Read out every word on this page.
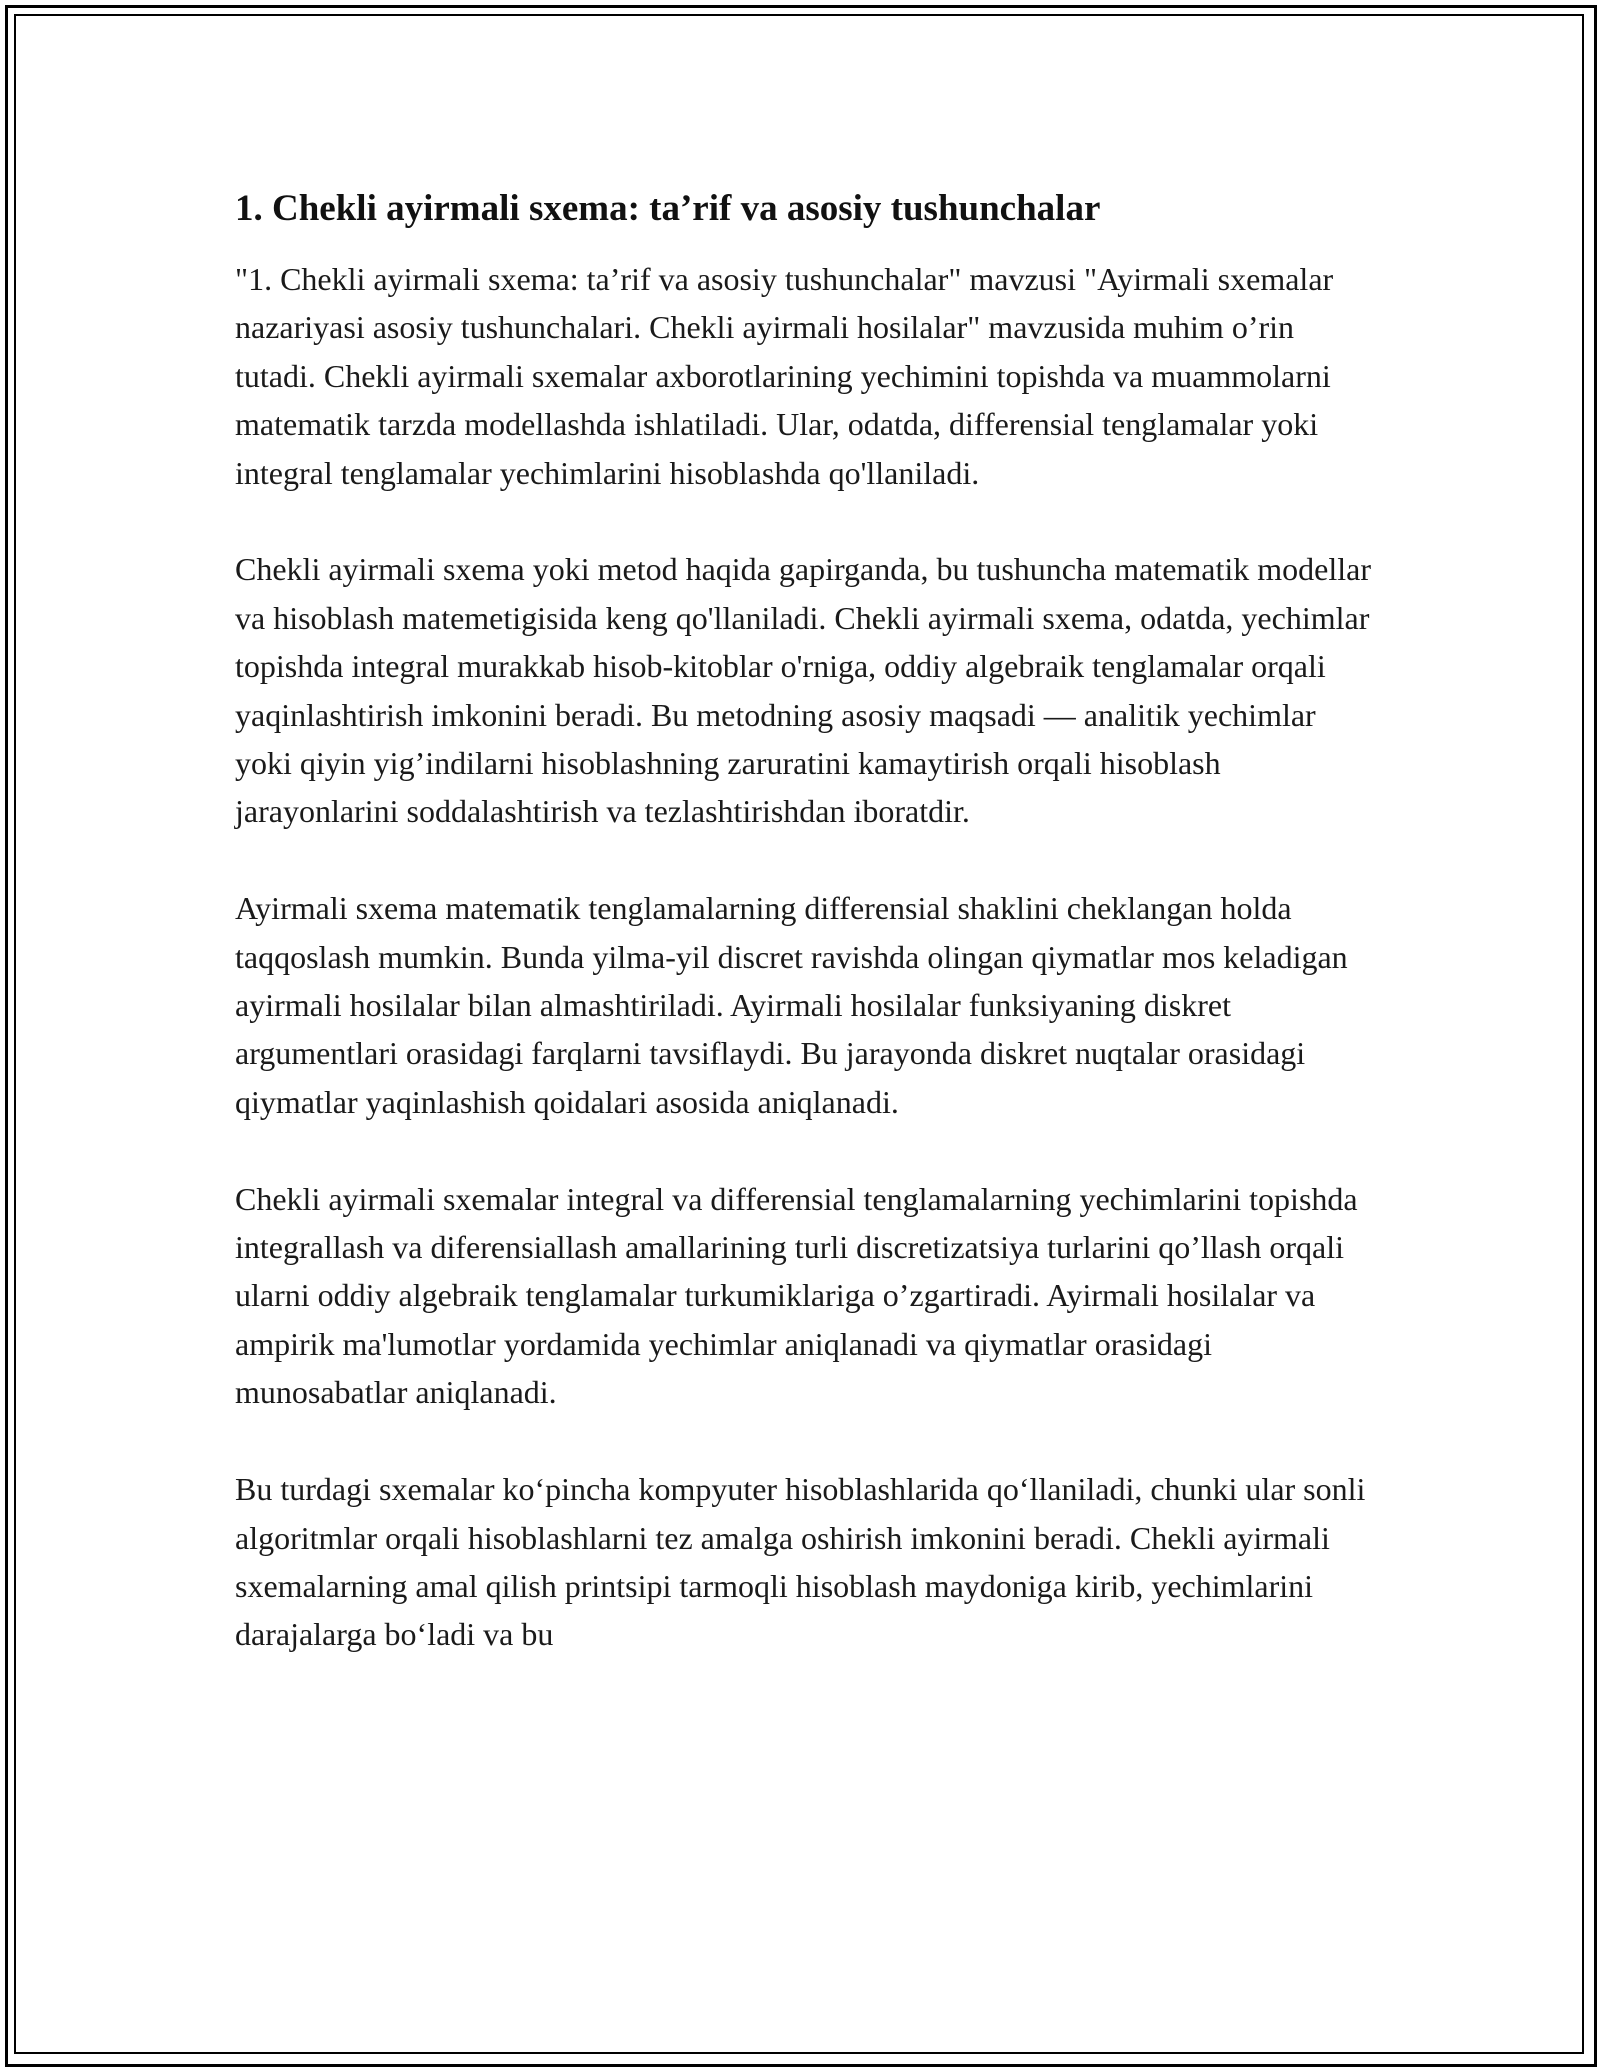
1. Chekli ayirmali sxema: ta’rif va asosiy tushunchalar

"1. Chekli ayirmali sxema: ta’rif va asosiy tushunchalar" mavzusi "Ayirmali sxemalar nazariyasi asosiy tushunchalari. Chekli ayirmali hosilalar" mavzusida muhim o’rin tutadi. Chekli ayirmali sxemalar axborotlarining yechimini topishda va muammolarni matematik tarzda modellashda ishlatiladi. Ular, odatda, differensial tenglamalar yoki integral tenglamalar yechimlarini hisoblashda qo'llaniladi.

Chekli ayirmali sxema yoki metod haqida gapirganda, bu tushuncha matematik modellar va hisoblash matemetigisida keng qo'llaniladi. Chekli ayirmali sxema, odatda, yechimlar topishda integral murakkab hisob-kitoblar o'rniga, oddiy algebraik tenglamalar orqali yaqinlashtirish imkonini beradi. Bu metodning asosiy maqsadi — analitik yechimlar yoki qiyin yig’indilarni hisoblashning zaruratini kamaytirish orqali hisoblash jarayonlarini soddalashtirish va tezlashtirishdan iboratdir.

Ayirmali sxema matematik tenglamalarning differensial shaklini cheklangan holda taqqoslash mumkin. Bunda yilma-yil discret ravishda olingan qiymatlar mos keladigan ayirmali hosilalar bilan almashtiriladi. Ayirmali hosilalar funksiyaning diskret argumentlari orasidagi farqlarni tavsiflaydi. Bu jarayonda diskret nuqtalar orasidagi qiymatlar yaqinlashish qoidalari asosida aniqlanadi.

Chekli ayirmali sxemalar integral va differensial tenglamalarning yechimlarini topishda integrallash va diferensiallash amallarining turli discretizatsiya turlarini qo’llash orqali ularni oddiy algebraik tenglamalar turkumiklariga o’zgartiradi. Ayirmali hosilalar va ampirik ma'lumotlar yordamida yechimlar aniqlanadi va qiymatlar orasidagi munosabatlar aniqlanadi.

Bu turdagi sxemalar ko‘pincha kompyuter hisoblashlarida qo‘llaniladi, chunki ular sonli algoritmlar orqali hisoblashlarni tez amalga oshirish imkonini beradi. Chekli ayirmali sxemalarning amal qilish printsipi tarmoqli hisoblash maydoniga kirib, yechimlarini darajalarga bo‘ladi va bu
